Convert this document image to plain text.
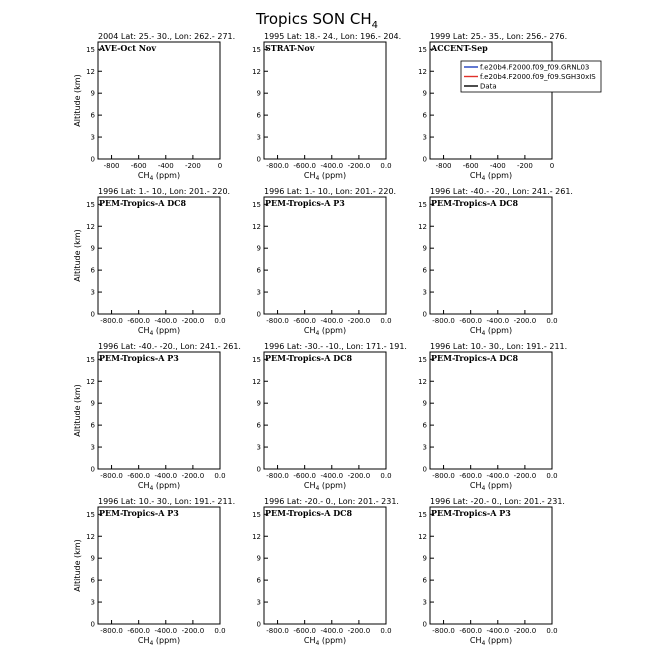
Tropics SON $CH_4$
2004 Lat: 25.- 30., Lon: 262.- 271.
AVE-Oct Nov
0
3
6
9
12
15
-800 -600 -400 -200 0
$CH_4$ (ppm)
Altitude (km)
1995 Lat: 18.- 24., Lon: 196.- 204.
STRAT-Nov
0
3
6
9
12
15
-800.0 -600.0 -400.0 -200.0 0.0
$CH_4$ (ppm)
1999 Lat: 25.- 35., Lon: 256.- 276.
ACCENT-Sep
0
3
6
9
12
15
-800 -600 -400 -200 0
$CH_4$ (ppm)
1996 Lat: 1.- 10., Lon: 201.- 220.
PEM-Tropics-A DC8
0
3
6
9
12
15
-800.0 -600.0 -400.0 -200.0 0.0
$CH_4$ (ppm)
Altitude (km)
1996 Lat: 1.- 10., Lon: 201.- 220.
PEM-Tropics-A P3
0
3
6
9
12
15
-800.0 -600.0 -400.0 -200.0 0.0
$CH_4$ (ppm)
1996 Lat: -40.- -20., Lon: 241.- 261.
PEM-Tropics-A DC8
0
3
6
9
12
15
-800.0 -600.0 -400.0 -200.0 0.0
$CH_4$ (ppm)
1996 Lat: -40.- -20., Lon: 241.- 261.
PEM-Tropics-A P3
0
3
6
9
12
15
-800.0 -600.0 -400.0 -200.0 0.0
$CH_4$ (ppm)
Altitude (km)
1996 Lat: -30.- -10., Lon: 171.- 191.
PEM-Tropics-A DC8
0
3
6
9
12
15
-800.0 -600.0 -400.0 -200.0 0.0
$CH_4$ (ppm)
1996 Lat: 10.- 30., Lon: 191.- 211.
PEM-Tropics-A DC8
0
3
6
9
12
15
-800.0 -600.0 -400.0 -200.0 0.0
$CH_4$ (ppm)
1996 Lat: 10.- 30., Lon: 191.- 211.
PEM-Tropics-A P3
0
3
6
9
12
15
-800.0 -600.0 -400.0 -200.0 0.0
$CH_4$ (ppm)
Altitude (km)
1996 Lat: -20.- 0., Lon: 201.- 231.
PEM-Tropics-A DC8
0
3
6
9
12
15
-800.0 -600.0 -400.0 -200.0 0.0
$CH_4$ (ppm)
1996 Lat: -20.- 0., Lon: 201.- 231.
PEM-Tropics-A P3
0
3
6
9
12
15
-800.0 -600.0 -400.0 -200.0 0.0
$CH_4$ (ppm)
f.e20b4.F2000.f09_f09.GRNL03
f.e20b4.F2000.f09_f09.SGH30xIS
Data
